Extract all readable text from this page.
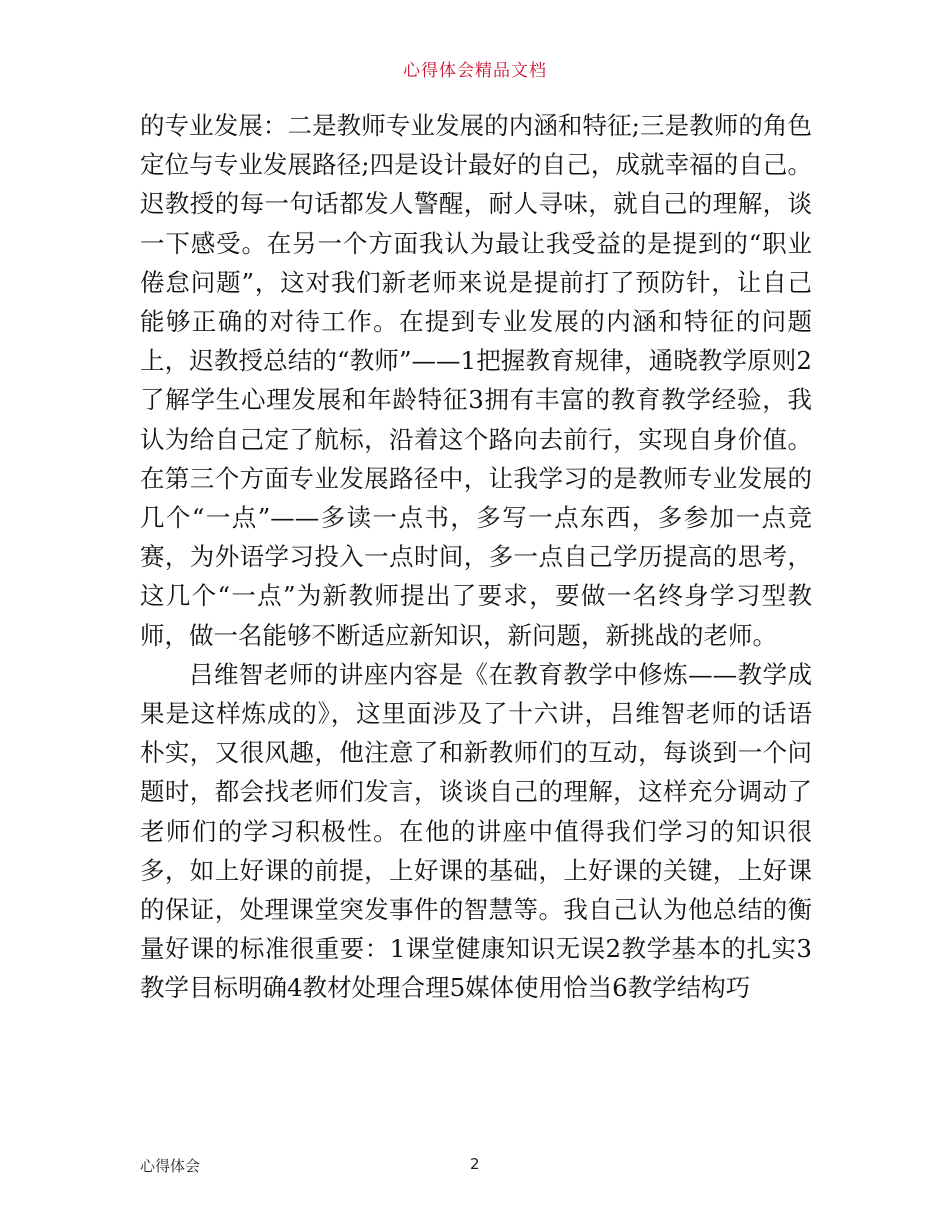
心得体会精品文档

的专业发展：二是教师专业发展的内涵和特征;三是教师的角色定位与专业发展路径;四是设计最好的自己，成就幸福的自己。迟教授的每一句话都发人警醒，耐人寻味，就自己的理解，谈一下感受。在另一个方面我认为最让我受益的是提到的“职业倦怠问题”，这对我们新老师来说是提前打了预防针，让自己能够正确的对待工作。在提到专业发展的内涵和特征的问题上，迟教授总结的“教师”——1把握教育规律，通晓教学原则2了解学生心理发展和年龄特征3拥有丰富的教育教学经验，我认为给自己定了航标，沿着这个路向去前行，实现自身价值。在第三个方面专业发展路径中，让我学习的是教师专业发展的几个“一点”——多读一点书，多写一点东西，多参加一点竞赛，为外语学习投入一点时间，多一点自己学历提高的思考，这几个“一点”为新教师提出了要求，要做一名终身学习型教师，做一名能够不断适应新知识，新问题，新挑战的老师。

吕维智老师的讲座内容是《在教育教学中修炼——教学成果是这样炼成的》，这里面涉及了十六讲，吕维智老师的话语朴实，又很风趣，他注意了和新教师们的互动，每谈到一个问题时，都会找老师们发言，谈谈自己的理解，这样充分调动了老师们的学习积极性。在他的讲座中值得我们学习的知识很多，如上好课的前提，上好课的基础，上好课的关键，上好课的保证，处理课堂突发事件的智慧等。我自己认为他总结的衡量好课的标准很重要：1课堂健康知识无误2教学基本的扎实3教学目标明确4教材处理合理5媒体使用恰当6教学结构巧

心得体会	2
